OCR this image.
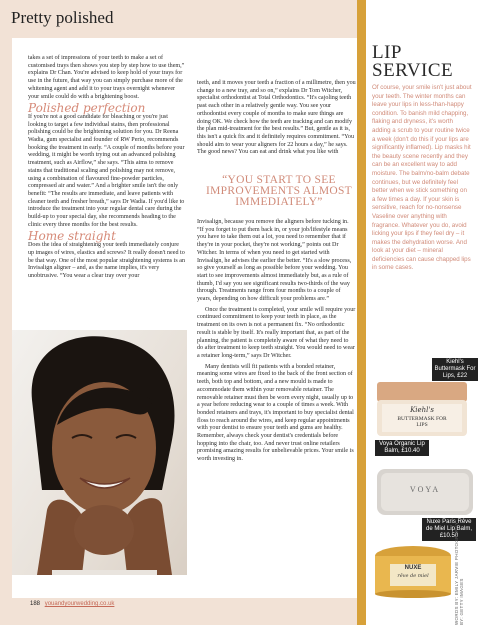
Pretty polished

takes a set of impressions of your teeth to make a set of customised trays then shows you step by step how to use them,” explains Dr Chan. You're advised to keep hold of your trays for use in the future, that way you can simply purchase more of the whitening agent and add it to your trays overnight whenever your smile could do with a brightening boost.

Polished perfection

If you're not a good candidate for bleaching or you're just looking to target a few individual stains, then professional polishing could be the brightening solution for you. Dr Reena Wadia, gum specialist and founder of RW Perio, recommends booking the treatment in early. “A couple of months before your wedding, it might be worth trying out an advanced polishing treatment, such as Airflow,” she says. “This aims to remove stains that traditional scaling and polishing may not remove, using a combination of flavoured fine-powder particles, compressed air and water.” And a brighter smile isn't the only benefit: “The results are immediate, and leave patients with cleaner teeth and fresher breath,” says Dr Wadia. If you'd like to introduce the treatment into your regular dental care during the build-up to your special day, she recommends heading to the clinic every three months for the best results.

Home straight

Does the idea of straightening your teeth immediately conjure up images of wires, elastics and screws? It really doesn't need to be that way. One of the most popular straightening systems is an Invisalign aligner – and, as the name implies, it's very unobtrusive. “You wear a clear tray over your

teeth, and it moves your teeth a fraction of a millimetre, then you change to a new tray, and so on,” explains Dr Tom Witcher, specialist orthodontist at Total Orthodontics. “It's cajoling teeth past each other in a relatively gentle way. You see your orthodontist every couple of months to make sure things are doing OK. We check how the teeth are tracking and can modify the plan mid-treatment for the best results.” But, gentle as it is, this isn't a quick fix and it definitely requires commitment. “You should aim to wear your aligners for 22 hours a day,” he says. The good news? You can eat and drink what you like with

Invisalign, because you remove the aligners before tucking in. “If you forget to put them back in, or your job/lifestyle means you have to take them out a lot, you need to remember that if they're in your pocket, they're not working,” points out Dr Witcher. In terms of when you need to get started with Invisalign, he advises the earlier the better. “It's a slow process, so give yourself as long as possible before your wedding. You start to see improvements almost immediately but, as a rule of thumb, I'd say you see significant results two-thirds of the way through. Treatments range from four months to a couple of years, depending on how difficult your problems are.”

Once the treatment is completed, your smile will require your continued commitment to keep your teeth in place, as the treatment on its own is not a permanent fix. “No orthodontic result is stable by itself. It's really important that, as part of the planning, the patient is completely aware of what they need to do after treatment to keep teeth straight. You would need to wear a retainer long-term,” says Dr Witcher.

Many dentists will fit patients with a bonded retainer, meaning some wires are fixed to the back of the front section of teeth, both top and bottom, and a new mould is made to accommodate them within your removable retainer. The removable retainer must then be worn every night, usually up to a year before reducing wear to a couple of times a week. With bonded retainers and trays, it's important to buy specialist dental floss to reach around the wires, and keep regular appointments with your dentist to ensure your teeth and gums are healthy. Remember, always check your dentist's credentials before hopping into the chair, too. And never trust online retailers promising amazing results for unbelievable prices. Your smile is worth investing in.

“YOU START TO SEE IMPROVEMENTS ALMOST IMMEDIATELY”
188 youandyourwedding.co.uk
LIP
SERVICE
Of course, your smile isn't just about your teeth. The winter months can leave your lips in less-than-happy condition. To banish mild chapping, flaking and dryness, it's worth adding a scrub to your routine twice a week (don't do this if your lips are significantly inflamed). Lip masks hit the beauty scene recently and they can be an excellent way to add moisture. The balm/no-balm debate continues, but we definitely feel better when we stick something on a few times a day. If your skin is sensitive, reach for no-nonsense Vaseline over anything with fragrance. Whatever you do, avoid licking your lips if they feel dry – it makes the dehydration worse. And look at your diet – mineral deficiencies can cause chapped lips in some cases.
Kiehl's
BUTTERMASK FOR LIPS
Kiehl's Buttermask For Lips, £22
VOYA
Voya Organic Lip Balm, £10.40
NUXE
rêve de miel
Nuxe Paris Rêve de Miel Lip Balm, £10.50
WORDS BY: EMILY JARVIE PHOTOGRAPHY BY: GETTY IMAGES
